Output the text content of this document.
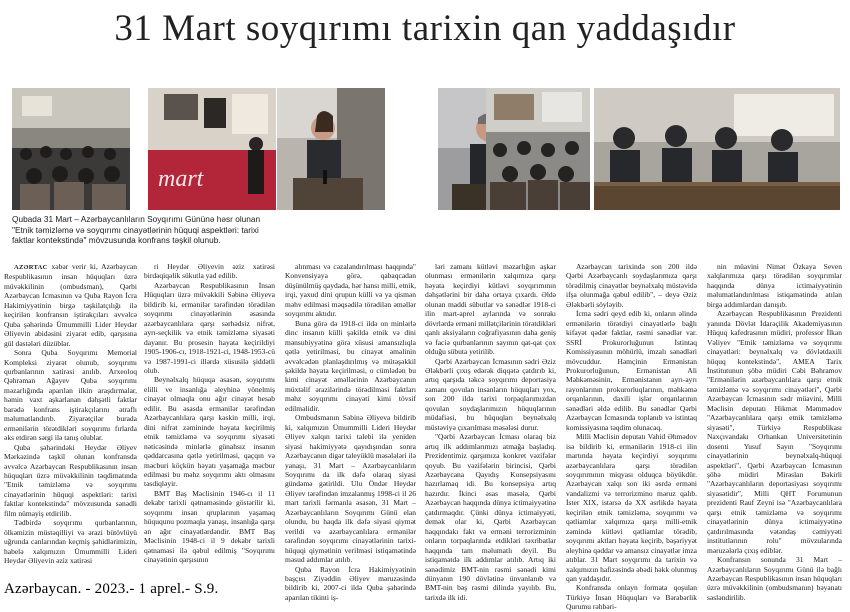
31 Mart soyqırımı tarixin qan yaddaşıdır
mart
Qubada 31 Mart – Azərbaycanlıların Soyqırımı Gününə həsr olunan "Etnik təmizləmə və soyqırımı cinayətlərinin hüquqi aspektləri: tarixi faktlar kontekstində" mövzusunda konfrans təşkil olunub.

AZƏRTAC xəbər verir ki, Azərbaycan Respublikasının insan hüquqları üzrə müvəkkilinin (ombudsman), Qərbi Azərbaycan İcmasının və Quba Rayon İcra Hakimiyyətinin birgə təşkilatçılığı ilə keçirilən konfransın iştirakçıları əvvəlcə Quba şəhərində Ümummilli Lider Heydər Əliyevin abidəsini ziyarət edib, qarşısına gül dəstələri düzüblər.

Sonra Quba Soyqırımı Memorial Kompleksi ziyarət olunub, soyqırımı qurbanlarının xatirəsi anılıb. Arxeoloq Qəhrəman Ağayev Quba soyqırımı məzarlığında aparılan ilkin araşdırmalar, həmin vaxt aşkarlanan dəhşətli faktlar barədə konfrans iştirakçılarını ətraflı məlumatlandırıb. Ziyarətçilər burada ermənilərin törətdikləri soyqırımı fırlarda əks etdirən sərgi ilə tanış olublar.

Quba şəhərindəki Heydər Əliyev Mərkəzində təşkil olunan konfransda əvvəlcə Azərbaycan Respublikasının insan hüquqları üzrə müvəkkilinin təqdimatında "Etnik təmizləmə və soyqırımı cinayətlərinin hüquqi aspektləri: tarixi faktlar kontekstində" mövzusunda sənədli film nümayiş etdirilib.

Tədbirdə soyqırımı qurbanlarının, ölkəmizin müstəqilliyi və ərazi bütövlüyü uğrunda canlarından keçmiş şəhidlərimizin, habelə xalqımızın Ümummilli Lideri Heydər Əliyevin əziz xatirəsi

ri Heydər Əliyevin əziz xatirəsi birdəqiqəlik sükutla yad edilib.

Azərbaycan Respublikasının İnsan Hüquqları üzrə müvəkkili Səbinə Əliyeva bildirib ki, ermənilər tərəfindən törədilən soyqırımı cinayətlərinin əsasında azərbaycanlılara qarşı sərhədsiz nifrət, ayrı-seçkilik və etnik təmizləmə siyasəti dayanır. Bu prosesin hayata keçirildiyi 1905-1906-cı, 1918-1921-ci, 1948-1953-cü və 1987-1991-ci illərdə xüsusilə şiddətli olub.

Beynəlxalq hüquqa əsasən, soyqırımı elilli ve insanlığa əleyhinə yönelmiş cinayət olmaqla onu ağır cinayət hesab edilir. Bu əsasda ermənilər tərəfindən Azərbaycanlılara qarşı kəskin milli, irqi, dini nifrət zəmininde həyata keçirilmiş etnik təmizləmə və soyqırımı siyasəti nəticəsində minlərlə günahsız insanın qəddarcasına qətlə yetirilməsi, qaçqın və məcburi köçkün həyatı yaşamağa məcbur edilməsi bu məhz soyqırımı aktı olmasını təsdiqləyir.

BMT Baş Məclisinin 1946-cı il 11 dekabr tarixli qətnaməsində göstərilir ki, soyqırımı insan qruplarının yaşamaq hüququnu pozmaqla yanaşı, insanlığa qarşı ən ağır cinayətlərdəndir. BMT Baş Məclisinin 1948-ci il 9 dekabr tarixli qətnaməsi ilə qəbul edilmiş "Soyqırımı cinayətinin qarşısının

alınması və cəzalandırılması haqqında" Konvensiyaya görə, qabaqcadan düşünülmüş qaydada, hər hansı milli, etnik, irqi, yaxud dini qrupun külli və ya qismən məhv edilməsi məqsədilə törədilən əməllər soyqırımı aktıdır.

Buna görə də 1918-ci ildə on minlərlə dinc insanın külli şəkildə etnik və dini mənsubiyyətinə görə xüsusi amansızlıqla qətlə yetirilməsi, bu cinayət əməlinin əvvəlcədən planlaşdırılmış və mütəşəkkil şəkildə həyata keçirilməsi, o cümlədən bu kimi cinayət əməllərinin Azərbaycanın müxtəlif ərazilərində törədilməsi faktları məhz soyqırımı cinayəti kimi tövsif edilməlidir.

Ombudsmanın Səbinə Əliyeva bildirib ki, xalqımızın Ümummilli Lideri Heydər Əliyev xalqın tarixi talebi ilə yeniden siyasi hakimiyyətə qayıdışından sonra Azərbaycanın digər taleyüklü məsələləri ilə yanaşı, 31 Mart – Azərbaycanlıların Soyqırımı da ilk dəfə olaraq siyasi gündəmə gətirildi. Ulu Öndər Heydər Əliyev tərəfindən imzalanmış 1998-ci il 26 mart tarixli fərmanla əsasən, 31 Mart – Azərbaycanlıların Soyqırımı Günü elan olundu, bu haqda ilk dəfə siyasi qiymət verildi və azərbaycanlılara ermənilər tərəfindən soyqırımı cinayətlərinin tarixi-hüquqi qiymətinin verilməsi istiqamətində məsud addımlar atılıb.

Quba Rayon İcra Hakimiyyətinin başçısı Ziyəddin Əliyev məruzəsində bildirib ki, 2007-ci ildə Quba şəhərində aparılan tikinti iş-

ləri zamanı kütləvi məzarlığın aşkar olunması ermənilərin xalqımıza qarşı həyata keçirdiyi kütləvi soyqırımının dəhşətlərini bir daha ortaya çıxardı. Əldə olunan maddi sübutlar və sənədlər 1918-ci ilin mart-aprel aylarında və sonrakı dövrlərdə erməni millətçilərinin törətdikləri qanlı aksiyaların coğrafiyasının daha geniş və faciə qurbanlarının sayının qat-qat çox olduğu sübuta yetirilib.

Qərbi Azərbaycan İcmasının sədri Əziz Ələkbərli çıxış edərək diqqətə çatdırıb ki, artıq qarşıda təkcə soyqırımı deportasiya zamanı qovulan insanların hüquqları yox, son 200 ildə tarixi torpaqlarımızdan qovulan soydaşlarımızın hüquqlarının müdafiəsi, bu hüquqları beynəlxalq müstəviyə çıxarılması məsələsi durur.

"Qərbi Azərbaycan İcması olaraq biz artıq ilk addımlarımızı atmağa başladıq. Prezidentimiz qarşımıza konkret vəzifələr qoyub. Bu vəzifələrin birincisi, Qərbi Azərbaycana Qayıdış Konsepsiyasını hazırlamaq idi. Bu konsepsiya artıq hazırdır. İkinci əsas məsələ, Qərbi Azərbaycan haqqında dünya ictimaiyyətinə çatdırmaqdır. Çünki dünya ictimaiyyəti, demək olar ki, Qərbi Azərbaycan haqqındakı fakt və erməni terrorizminin onların torpaqlarında etdikləri təxribatlar haqqında tam məlumatlı deyil. Bu istiqamətdə ilk addımlar atılıb. Artıq iki sənədimiz BMT-nin rəsmi sənədi kimi dünyanın 190 dövlətinə ünvanlanıb və BMT-nin bəş rəsmi dilində yayılıb. Bu, tarixdə ilk idi.

Azərbaycan tarixində son 200 ildə Qərbi Azərbaycanlı soydaşlarımıza qarşı törədilmiş cinayətlər beynəlxalq müstəvidə ifşa olunmağa qəbul edilib", – deyə Əziz Ələkbərli söyləyib.

İcma sədri qeyd edib ki, onların əlində ermənilərin törətdiyi cinayətlərlə bağlı kifayət qədər faktlar, rəsmi sənədlər var. SSRİ Prokurorluğunun İstintaq Komissiyasının möhürlü, imzalı sənədləri mövcuddur. Həmçinin Ermənistan Prokurorluğunun, Ermənistan Ali Məhkəməsinin, Ermənistanın ayrı-ayrı rayonlarının prokurorluqlarının, məhkəmə orqanlarının, daxili işlər orqanlarının sənədləri əldə edilib. Bu sənədlər Qərbi Azərbaycan İcmasında toplanıb və istintaq komissiyasına təqdim olunacaq.

Milli Məclisin deputatı Vahid Əhmədov isə bildirib ki, ermənilərin 1918-ci ilin martında həyata keçirdiyi soyqırımı azərbaycanlılara qarşı törədilən soyqırımının miqyası olduqca böyükdür. Azərbaycan xalqı son iki əsrdə erməni vandalizmi və terrorizmino məruz qalıb. İster XIX, istərsə də XX əsrlikdə həyata keçirilən etnik təmizləmə, soyqırımı və qətliamlar xalqımıza qarşı milli-etnik zəmində kütləvi qətliamlar törədib, soyqırımı aktları həyata keçirib, bəşəriyyət əleyhinə qəddar və amansız cinayətlər imza atıblar. 31 Mart soyqırımı da tarixin və xalqımızın hafizəsində əbədi həkk olunmuş qan yaddaşıdır.

Konfransda onlayn formata qoşulan Türkiyə İnsan Hüquqları və Bərabərlik Qurumu rəhbəri-

nin müavini Nimət Özkaya Seven xalqlarımıza qarşı törədilən soyqırımlar haqqında dünya ictimaiyyətinin məlumatlandırılması istiqamətində atılan birgə addımlardan danışıb.

Azərbaycan Respublikasının Prezidenti yanında Dövlət İdarəçilik Akademiyasının Hüquq kafedrasının müdiri, professor İlkan Vəliyev "Etnik təmizləmə və soyqırımı cinayətləri: beynəlxalq və dövlətdaxili hüquq kontekstində", AMEA Tarix İnstitutunun şöbə müdiri Cəbi Bəhramov "Ermənilərin azərbaycanlılara qarşı etnik təmizləmə və soyqırımı cinayətləri", Qərbi Azərbaycan İcmasının sədr müavini, Milli Məclisin deputatı Hikmət Məmmədov "Azərbaycanlılara qarşı etnik təmizləmə siyasəti", Türkiyə Respublikası Naxçıvandakı Orhankan Universitetinin dosenti Yusuf Sayın "Soyqırımı cinayətlərinin beynəlxalq-hüquqi aspektləri", Qərbi Azərbaycan İcmasının şöbə müdiri Mirəslan Bəkirli "Azərbaycanlıların deportasiyası soyqırımı siyasətidir", Milli QHT Forumunun prezidenti Rauf Zeyni isə "Azərbaycanlılara qarşı etnik təmizləmə və soyqırımı cinayətlərinin dünya ictimaiyyətinə çatdırılmasında vətəndaş cəmiyyəti institutlarının rolu" mövzularında məruzələrlə çıxış ediblər.

Konfransın sonunda 31 Mart – Azərbaycanlıların Soyqırımı Günü ilə bağlı Azərbaycan Respublikasının insan hüquqları üzrə müvəkkilinin (ombudsmanın) bəyanatı səsləndirilib.

Azərbaycan. - 2023.- 1 aprel.- S.9.
